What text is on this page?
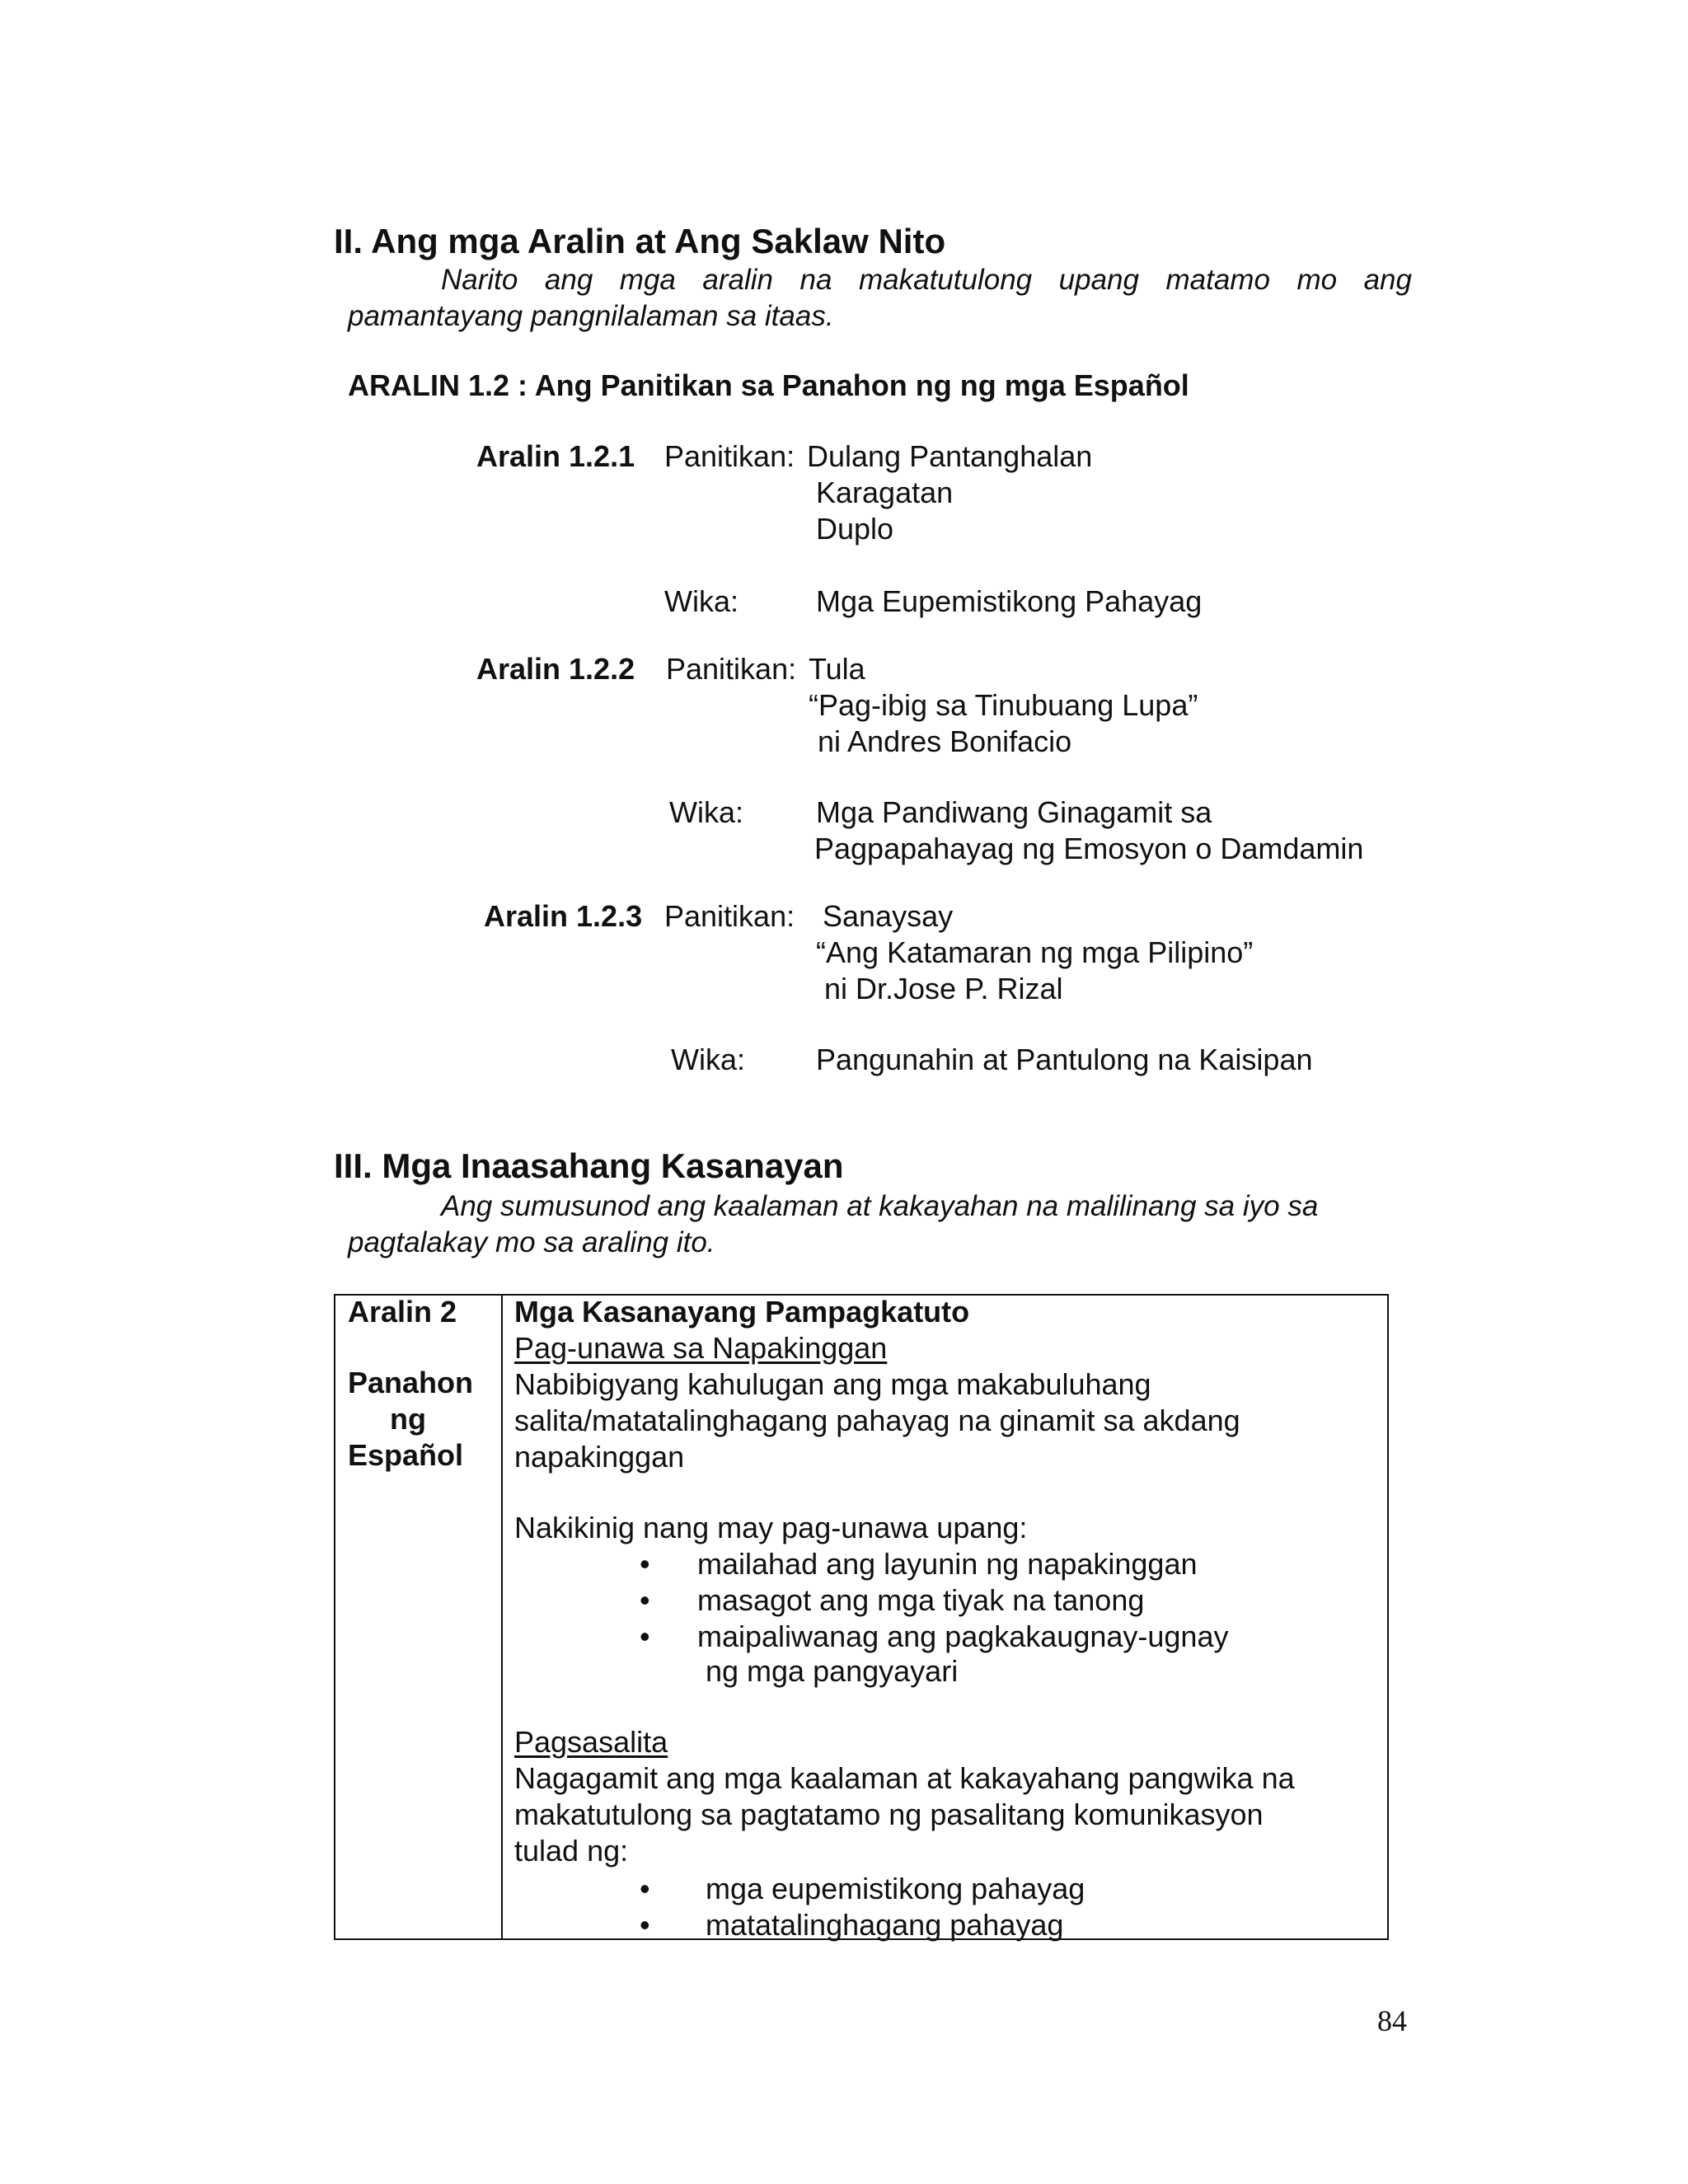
II. Ang mga Aralin at Ang Saklaw Nito
Narito ang mga aralin na makatutulong upang matamo mo ang
pamantayang pangnilalaman sa itaas.
ARALIN 1.2 : Ang Panitikan sa Panahon ng ng mga Español
Aralin 1.2.1 Panitikan: Dulang Pantanghalan
Karagatan
Duplo
Wika:	Mga Eupemistikong Pahayag
Aralin 1.2.2 Panitikan: Tula
“Pag-ibig sa Tinubuang Lupa”
ni Andres Bonifacio
Wika: Mga Pandiwang Ginagamit sa
Pagpapahayag ng Emosyon o Damdamin
Aralin 1.2.3 Panitikan: Sanaysay
“Ang Katamaran ng mga Pilipino”
ni Dr.Jose P. Rizal
Wika: Pangunahin at Pantulong na Kaisipan
III. Mga Inaasahang Kasanayan
Ang sumusunod ang kaalaman at kakayahan na malilinang sa iyo sa
pagtalakay mo sa araling ito.
Aralin 2
Panahon
ng
Español
Mga Kasanayang Pampagkatuto
Pag-unawa sa Napakinggan
Nabibigyang kahulugan ang mga makabuluhang
salita/matatalinghagang pahayag na ginamit sa akdang
napakinggan
Nakikinig nang may pag-unawa upang:
• mailahad ang layunin ng napakinggan
• masagot ang mga tiyak na tanong
• maipaliwanag ang pagkakaugnay-ugnay
ng mga pangyayari
Pagsasalita
Nagagamit ang mga kaalaman at kakayahang pangwika na
makatutulong sa pagtatamo ng pasalitang komunikasyon
tulad ng:
• mga eupemistikong pahayag
• matatalinghagang pahayag
84
